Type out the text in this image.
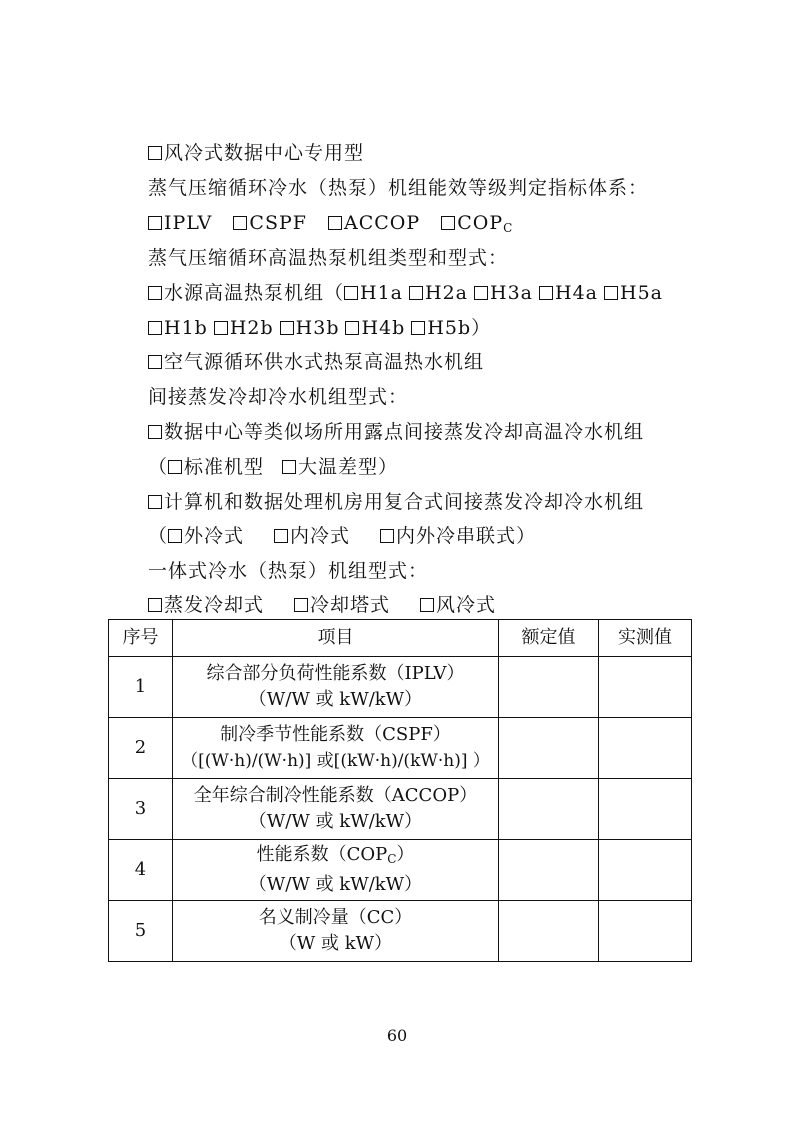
风冷式数据中心专用型
蒸气压缩循环冷水（热泵）机组能效等级判定指标体系：
IPLV CSPF ACCOP $COP_C$
蒸气压缩循环高温热泵机组类型和型式：
水源高温热泵机组（ H1a H2a H3a H4a H5a
H1b H2b H3b H4b H5b）
空气源循环供水式热泵高温热水机组
间接蒸发冷却冷水机组型式：
数据中心等类似场所用露点间接蒸发冷却高温冷水机组
（ 标准机型 大温差型）
计算机和数据处理机房用复合式间接蒸发冷却冷水机组
（ 外冷式 内冷式 内外冷串联式）
一体式冷水（热泵）机组型式：
蒸发冷却式 冷却塔式 风冷式
序号	项目	额定值	实测值
1	综合部分负荷性能系数（IPLV）
（W/W 或 kW/kW）		

2	制冷季节性能系数（CSPF）
（[(W·h)/(W·h)] 或[(kW·h)/(kW·h)] ）		

3	全年综合制冷性能系数（ACCOP）
（W/W 或 kW/kW）		

4	性能系数$(COP_C)$
（W/W 或 kW/kW）		

5	名义制冷量（CC）
（W 或 kW）		

60
